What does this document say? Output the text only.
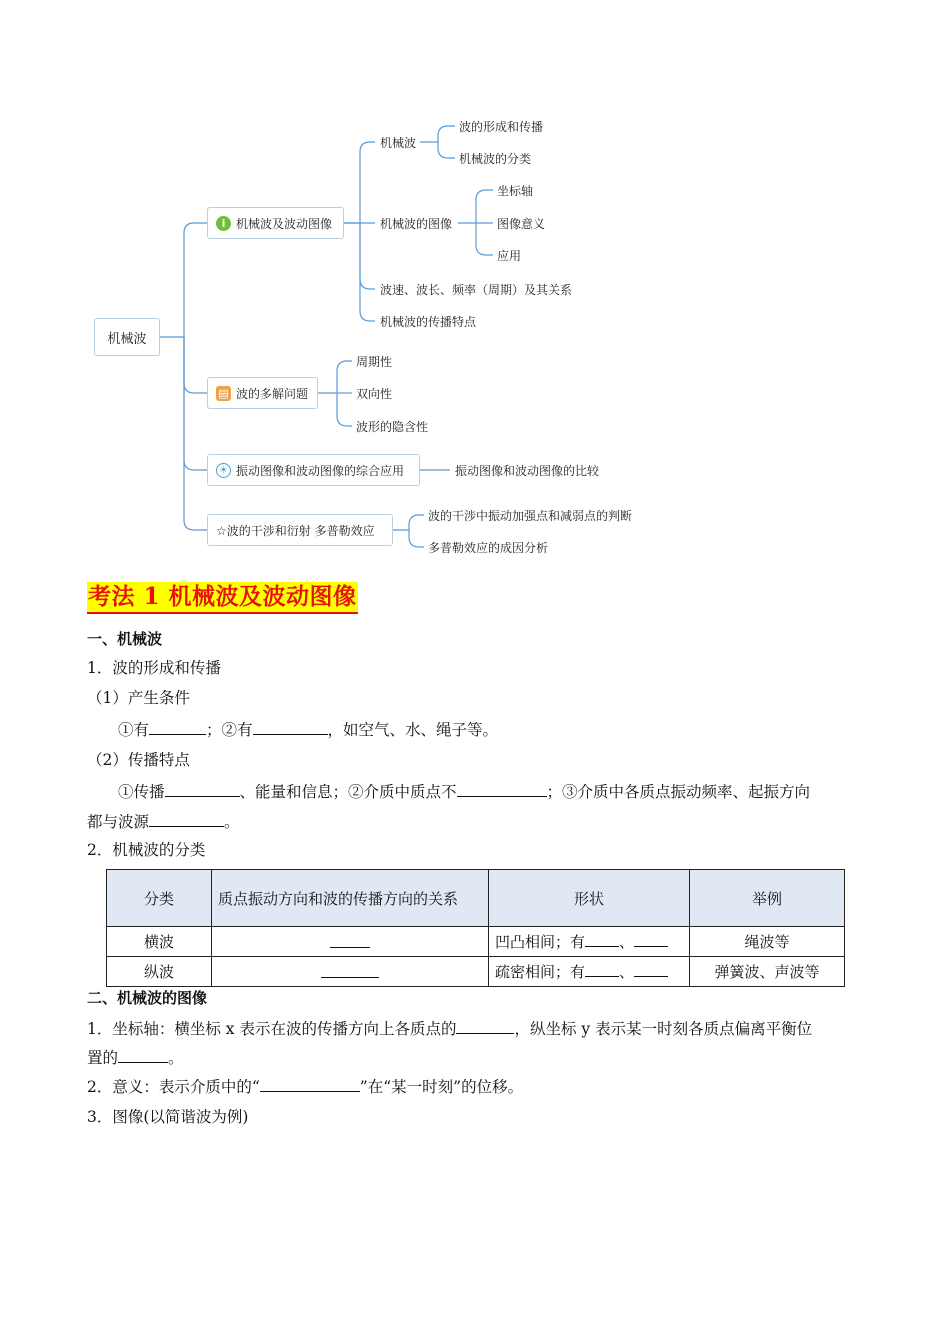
机械波
i 机械波及波动图像
机械波
波的形成和传播
机械波的分类
机械波的图像
坐标轴
图像意义
应用
波速、波长、频率（周期）及其关系
机械波的传播特点
▤ 波的多解问题
周期性
双向性
波形的隐含性
☀ 振动图像和波动图像的综合应用	振动图像和波动图像的比较
☆波的干涉和衍射 多普勒效应
波的干涉中振动加强点和减弱点的判断
多普勒效应的成因分析
考法 1 机械波及波动图像
一、机械波
1．波的形成和传播
（1）产生条件
①有	；②有	，如空气、水、绳子等。
（2）传播特点
①传播	、能量和信息；②介质中质点不	；③介质中各质点振动频率、起振方向
都与波源	。
2．机械波的分类
分类	质点振动方向和波的传播方向的关系	形状	举例
横波		凹凸相间；有 、	绳波等
纵波		疏密相间；有 、	弹簧波、声波等
二、机械波的图像
1．坐标轴：横坐标 x 表示在波的传播方向上各质点的	，纵坐标 y 表示某一时刻各质点偏离平衡位
置的	。
2．意义：表示介质中的“	”在“某一时刻”的位移。
3．图像(以简谐波为例)
